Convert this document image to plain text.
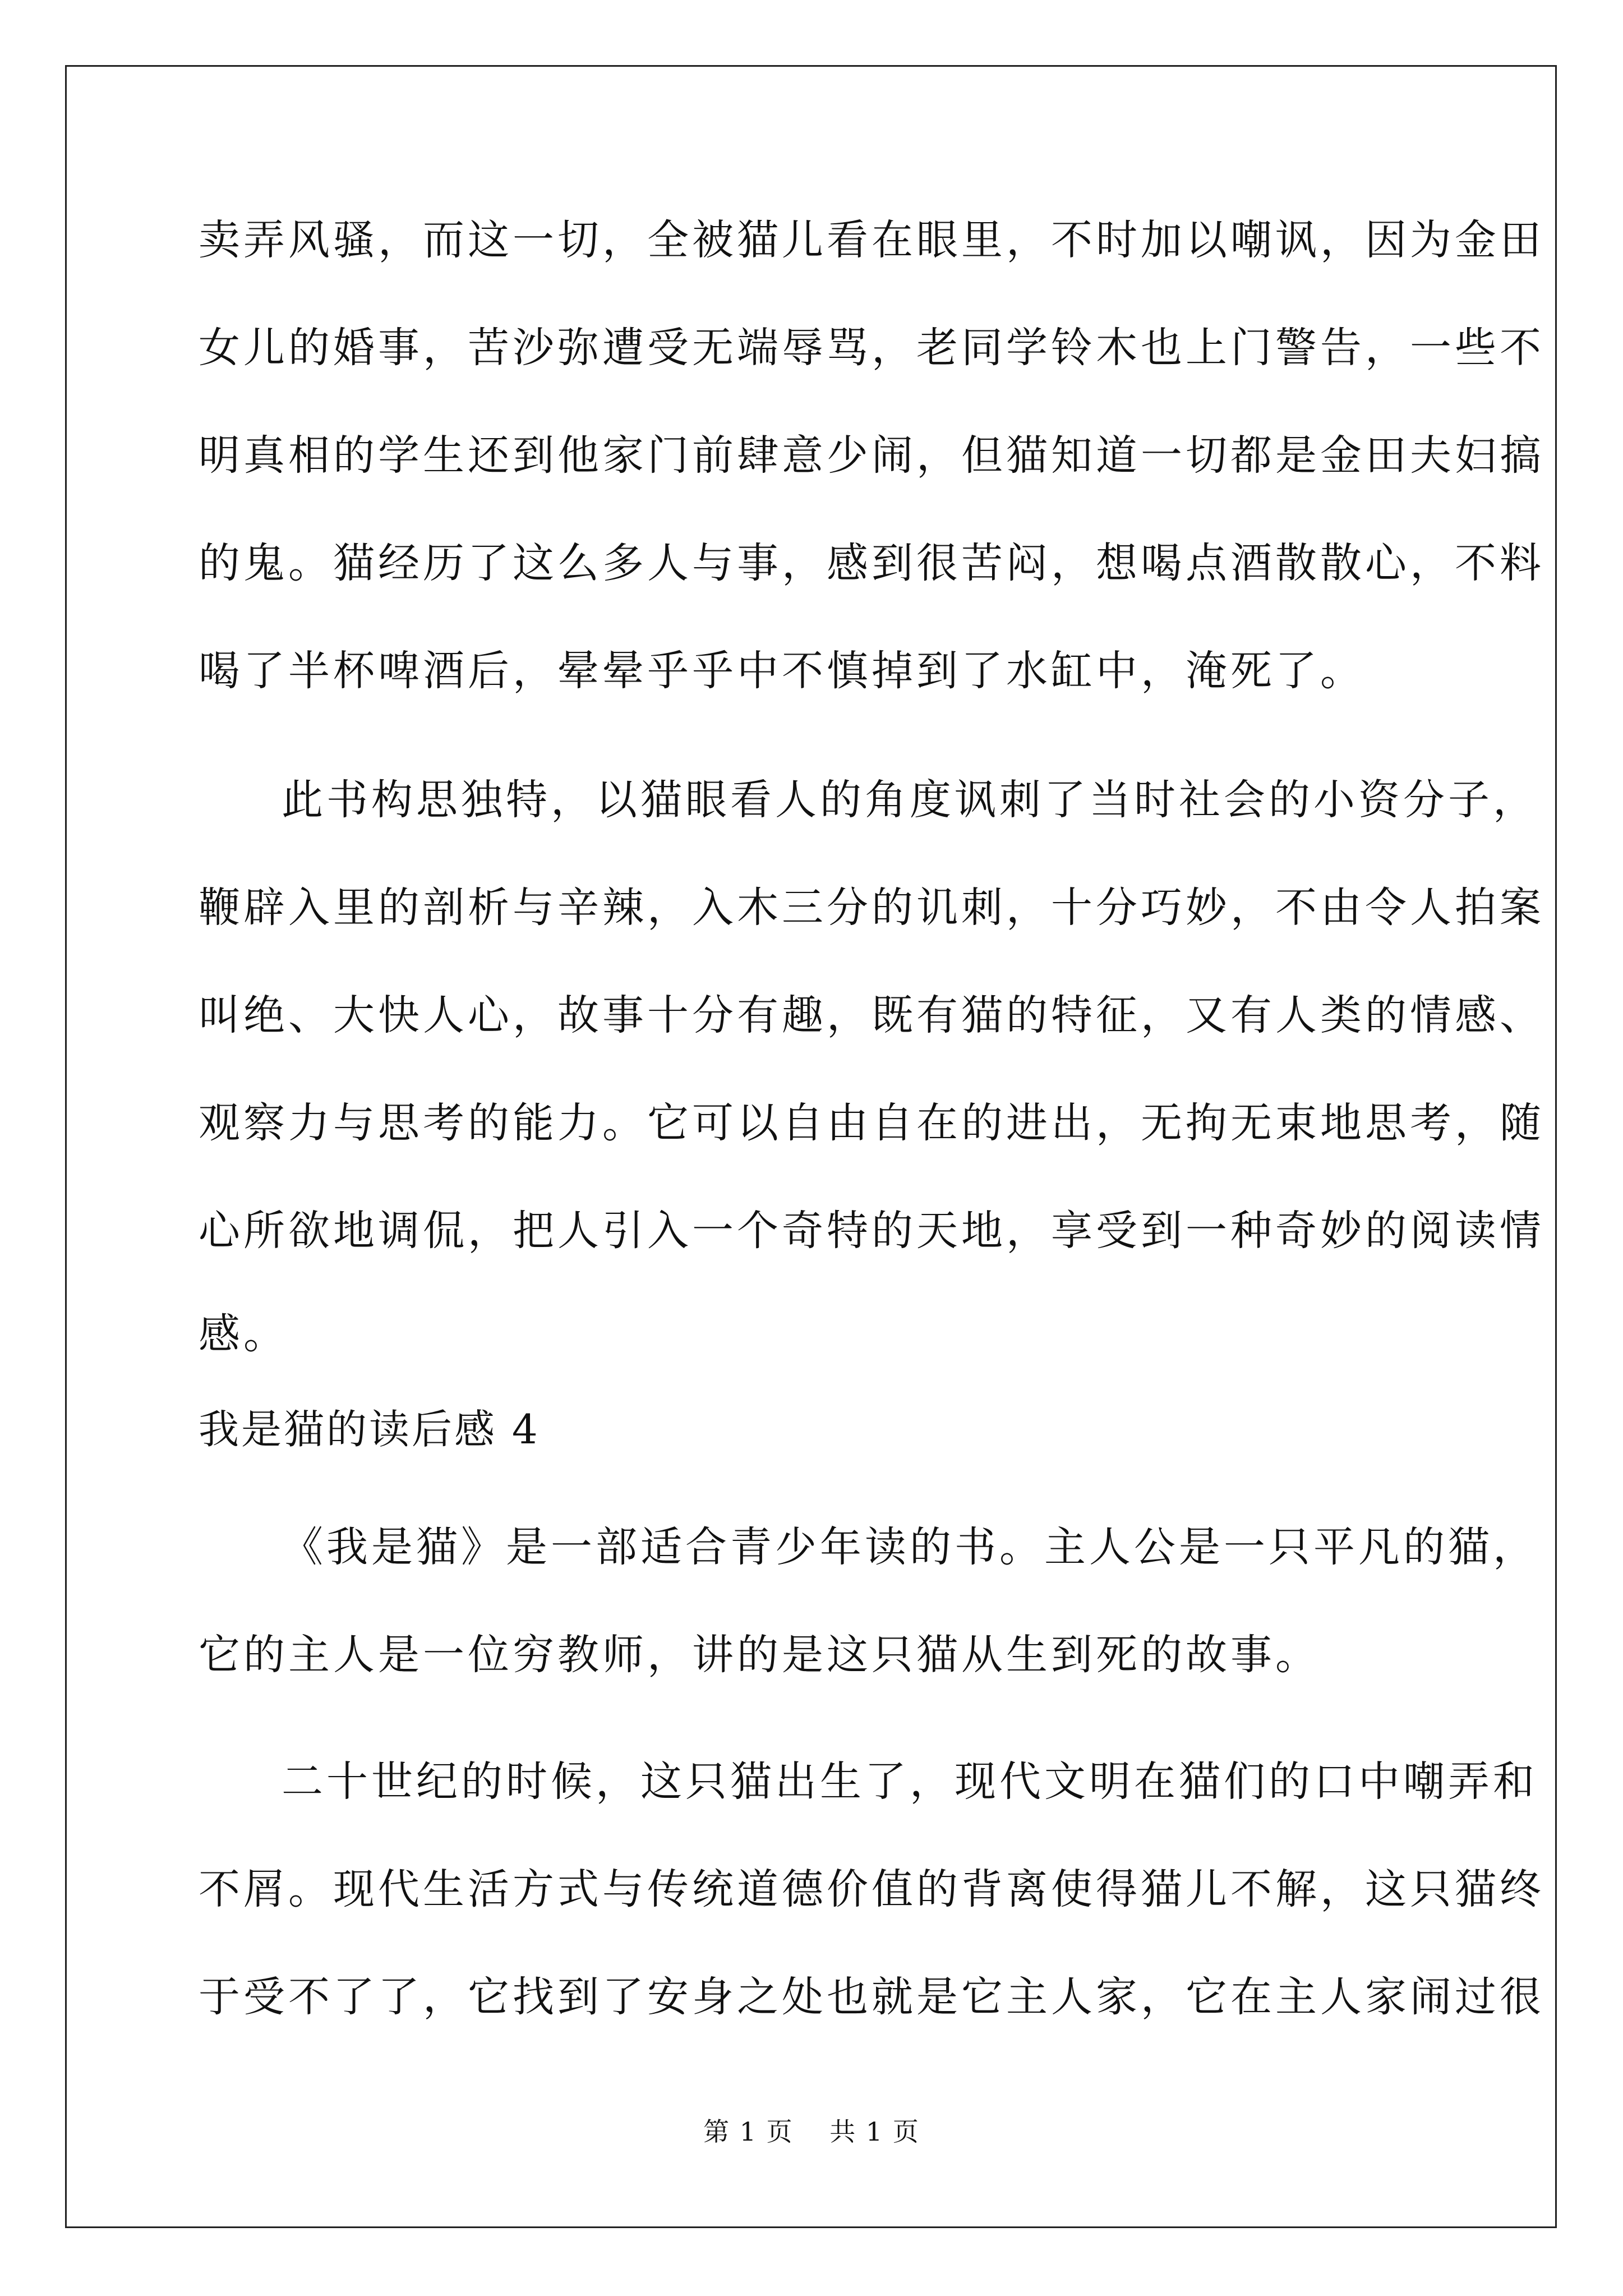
卖弄风骚，而这一切，全被猫儿看在眼里，不时加以嘲讽，因为金田
女儿的婚事，苦沙弥遭受无端辱骂，老同学铃木也上门警告，一些不
明真相的学生还到他家门前肆意少闹，但猫知道一切都是金田夫妇搞
的鬼。猫经历了这么多人与事，感到很苦闷，想喝点酒散散心，不料
喝了半杯啤酒后，晕晕乎乎中不慎掉到了水缸中，淹死了。
此书构思独特，以猫眼看人的角度讽刺了当时社会的小资分子，
鞭辟入里的剖析与辛辣，入木三分的讥刺，十分巧妙，不由令人拍案
叫绝、大快人心，故事十分有趣，既有猫的特征，又有人类的情感、
观察力与思考的能力。它可以自由自在的进出，无拘无束地思考，随
心所欲地调侃，把人引入一个奇特的天地，享受到一种奇妙的阅读情
感。
我是猫的读后感 4
《我是猫》是一部适合青少年读的书。主人公是一只平凡的猫，
它的主人是一位穷教师，讲的是这只猫从生到死的故事。
二十世纪的时候，这只猫出生了，现代文明在猫们的口中嘲弄和
不屑。现代生活方式与传统道德价值的背离使得猫儿不解，这只猫终
于受不了了，它找到了安身之处也就是它主人家，它在主人家闹过很
第 1 页　 共 1 页
